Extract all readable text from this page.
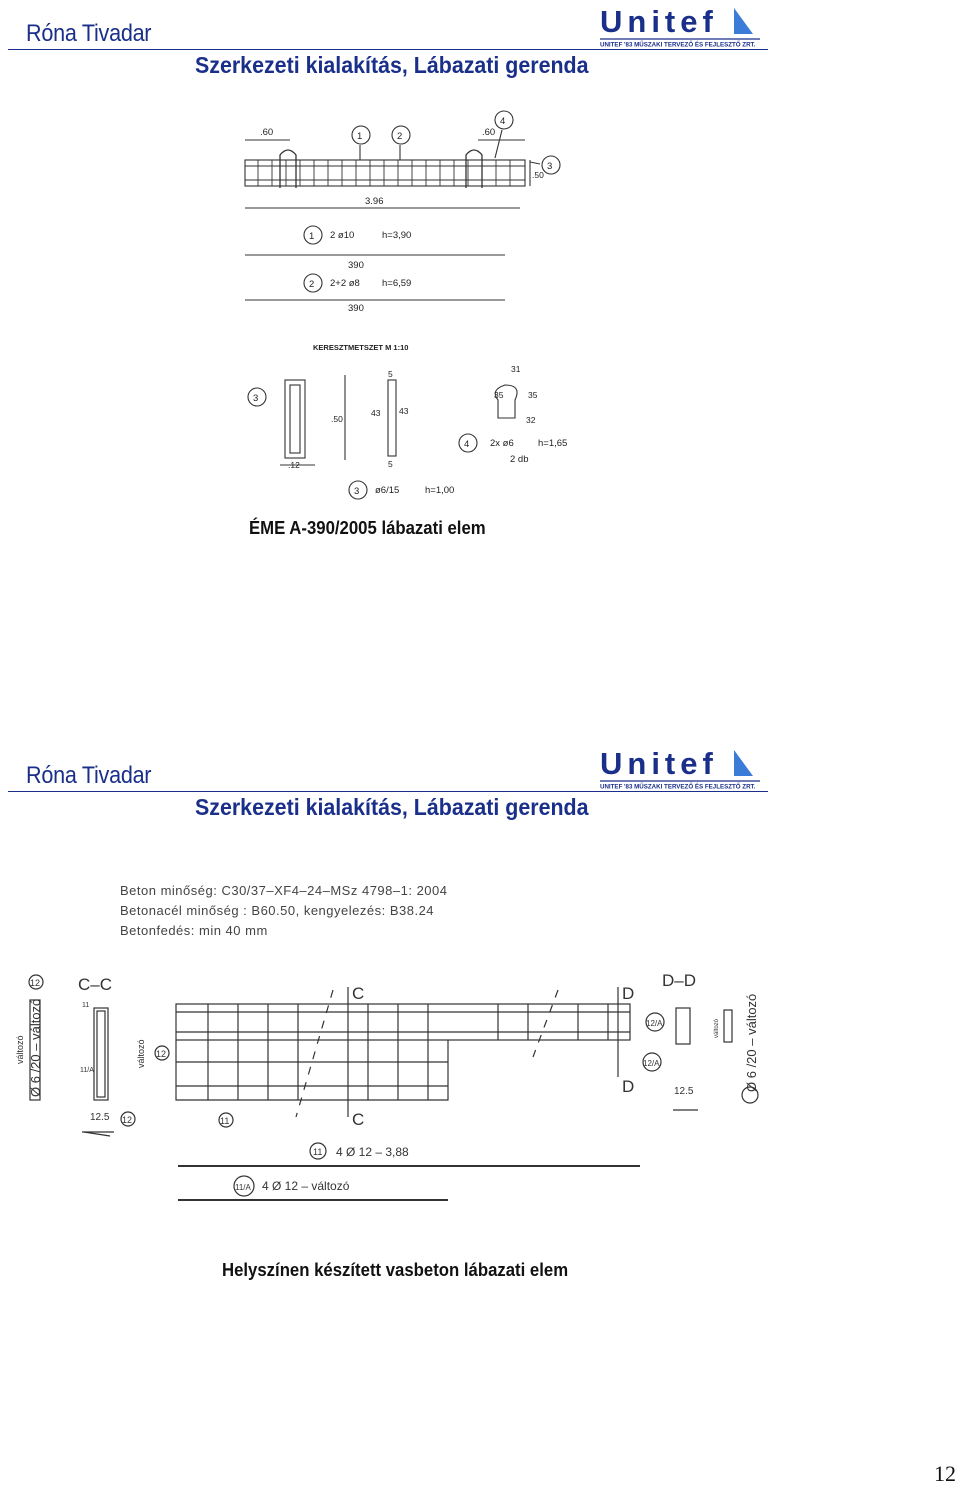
Róna Tivadar
Szerkezeti kialakítás, Lábazati gerenda
Unitef
UNITEF '83 MŰSZAKI TERVEZŐ ÉS FEJLESZTŐ ZRT.
.60	.60
.50
1	2
3
4
3.96
1 2 ø10	h=3,90
390
2 2+2 ø8 h=6,59
390
KERESZTMETSZET M 1:10
3
.50
.12
5
5
43 43
31
35	35
32
4 2x ø6	h=1,65
2 db
3 ø6/15	h=1,00
ÉME A-390/2005 lábazati elem
Róna Tivadar
Szerkezeti kialakítás, Lábazati gerenda
Unitef
UNITEF '83 MŰSZAKI TERVEZŐ ÉS FEJLESZTŐ ZRT.
Beton minőség: C30/37–XF4–24–MSz 4798–1: 2004
Betonacél minőség : B60.50, kengyelezés: B38.24
Betonfedés: min 40 mm
Ø 6 /20 – változó	Ø 6 /20 – változó
változó	változó
12
12
12
11
11/A
11
C–C	D–D
C
C
D
D
12/A
12/A
változó
12.5
12.5
11 4 Ø 12 – 3,88
11/A 4 Ø 12 – változó
Helyszínen készített vasbeton lábazati elem
12
